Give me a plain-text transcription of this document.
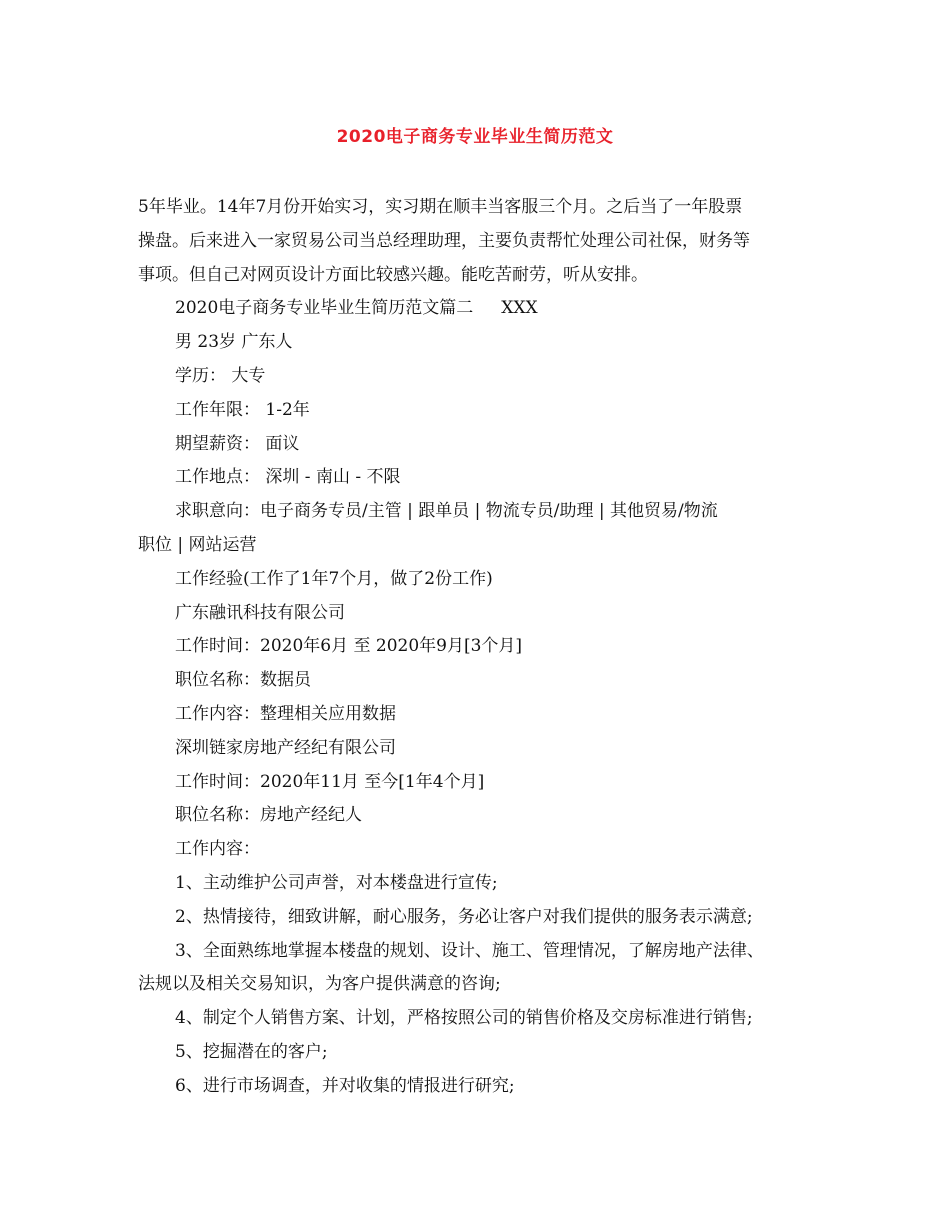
2020电子商务专业毕业生简历范文

5年毕业。14年7月份开始实习，实习期在顺丰当客服三个月。之后当了一年股票

操盘。后来进入一家贸易公司当总经理助理，主要负责帮忙处理公司社保，财务等

事项。但自己对网页设计方面比较感兴趣。能吃苦耐劳，听从安排。

2020电子商务专业毕业生简历范文篇二 XXX

男 23岁 广东人

学历： 大专

工作年限： 1-2年

期望薪资： 面议

工作地点： 深圳 - 南山 - 不限

求职意向：电子商务专员/主管 | 跟单员 | 物流专员/助理 | 其他贸易/物流

职位 | 网站运营

工作经验(工作了1年7个月，做了2份工作)

广东融讯科技有限公司

工作时间：2020年6月 至 2020年9月[3个月]

职位名称：数据员

工作内容：整理相关应用数据

深圳链家房地产经纪有限公司

工作时间：2020年11月 至今[1年4个月]

职位名称：房地产经纪人

工作内容：

1、主动维护公司声誉，对本楼盘进行宣传;

2、热情接待，细致讲解，耐心服务，务必让客户对我们提供的服务表示满意;

3、全面熟练地掌握本楼盘的规划、设计、施工、管理情况，了解房地产法律、

法规以及相关交易知识，为客户提供满意的咨询;

4、制定个人销售方案、计划，严格按照公司的销售价格及交房标准进行销售;

5、挖掘潜在的客户;

6、进行市场调查，并对收集的情报进行研究;
